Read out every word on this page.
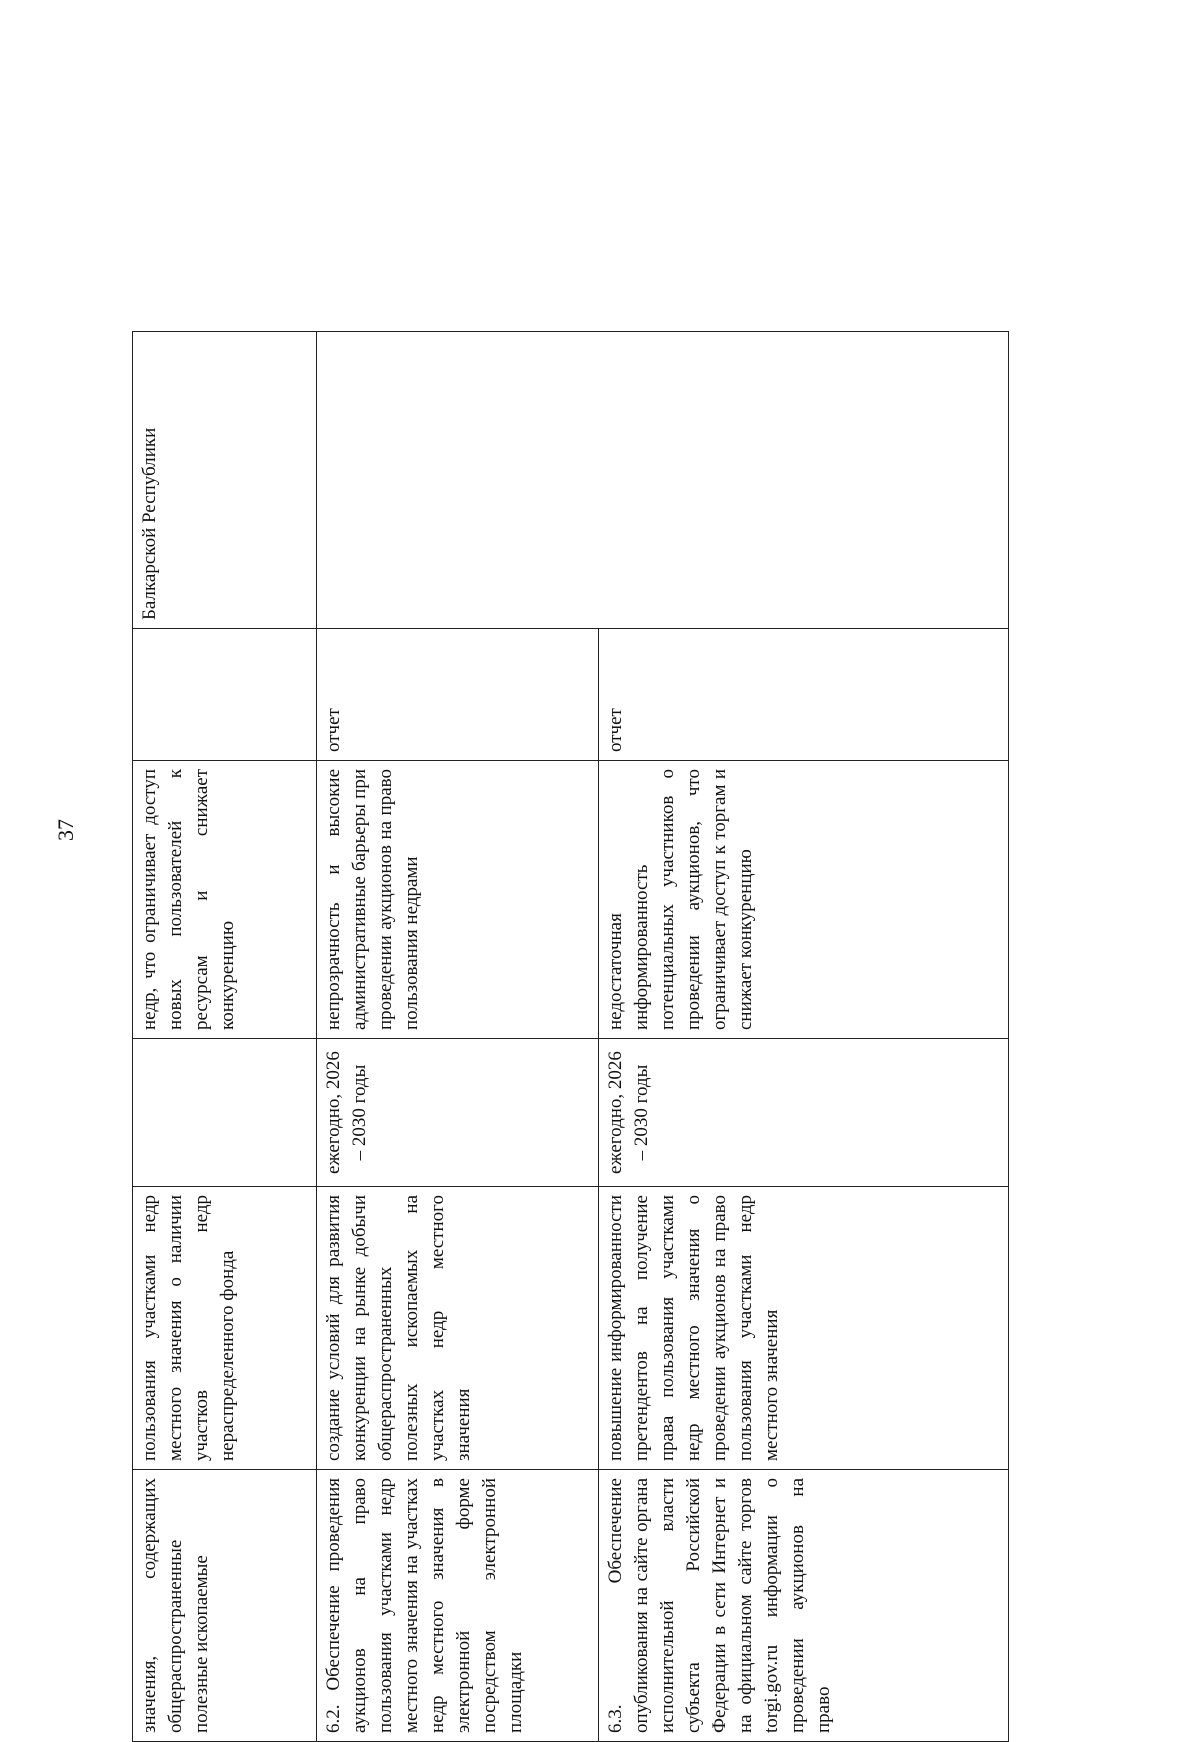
37
значения, содержащих общераспространенные полезные ископаемые	пользования участками недр местного значения о наличии участков недр нераспределенного фонда		недр, что ограничивает доступ новых пользователей к ресурсам и снижает конкуренцию		Балкарской Республики
6.2. Обеспечение проведения аукционов на право пользования участками недр местного значения на участках недр местного значения в электронной форме посредством электронной площадки	создание условий для развития конкуренции на рынке добычи общераспространенных полезных ископаемых на участках недр местного значения	ежегодно, 2026 – 2030 годы	непрозрачность и высокие административные барьеры при проведении аукционов на право пользования недрами	отчет	
6.3. Обеспечение опубликования на сайте органа исполнительной власти субъекта Российской Федерации в сети Интернет и на официальном сайте торгов torgi.gov.ru информации о проведении аукционов на право	повышение информированности претендентов на получение права пользования участками недр местного значения о проведении аукционов на право пользования участками недр местного значения	ежегодно, 2026 – 2030 годы	недостаточная информированность потенциальных участников о проведении аукционов, что ограничивает доступ к торгам и снижает конкуренцию	отчет	
